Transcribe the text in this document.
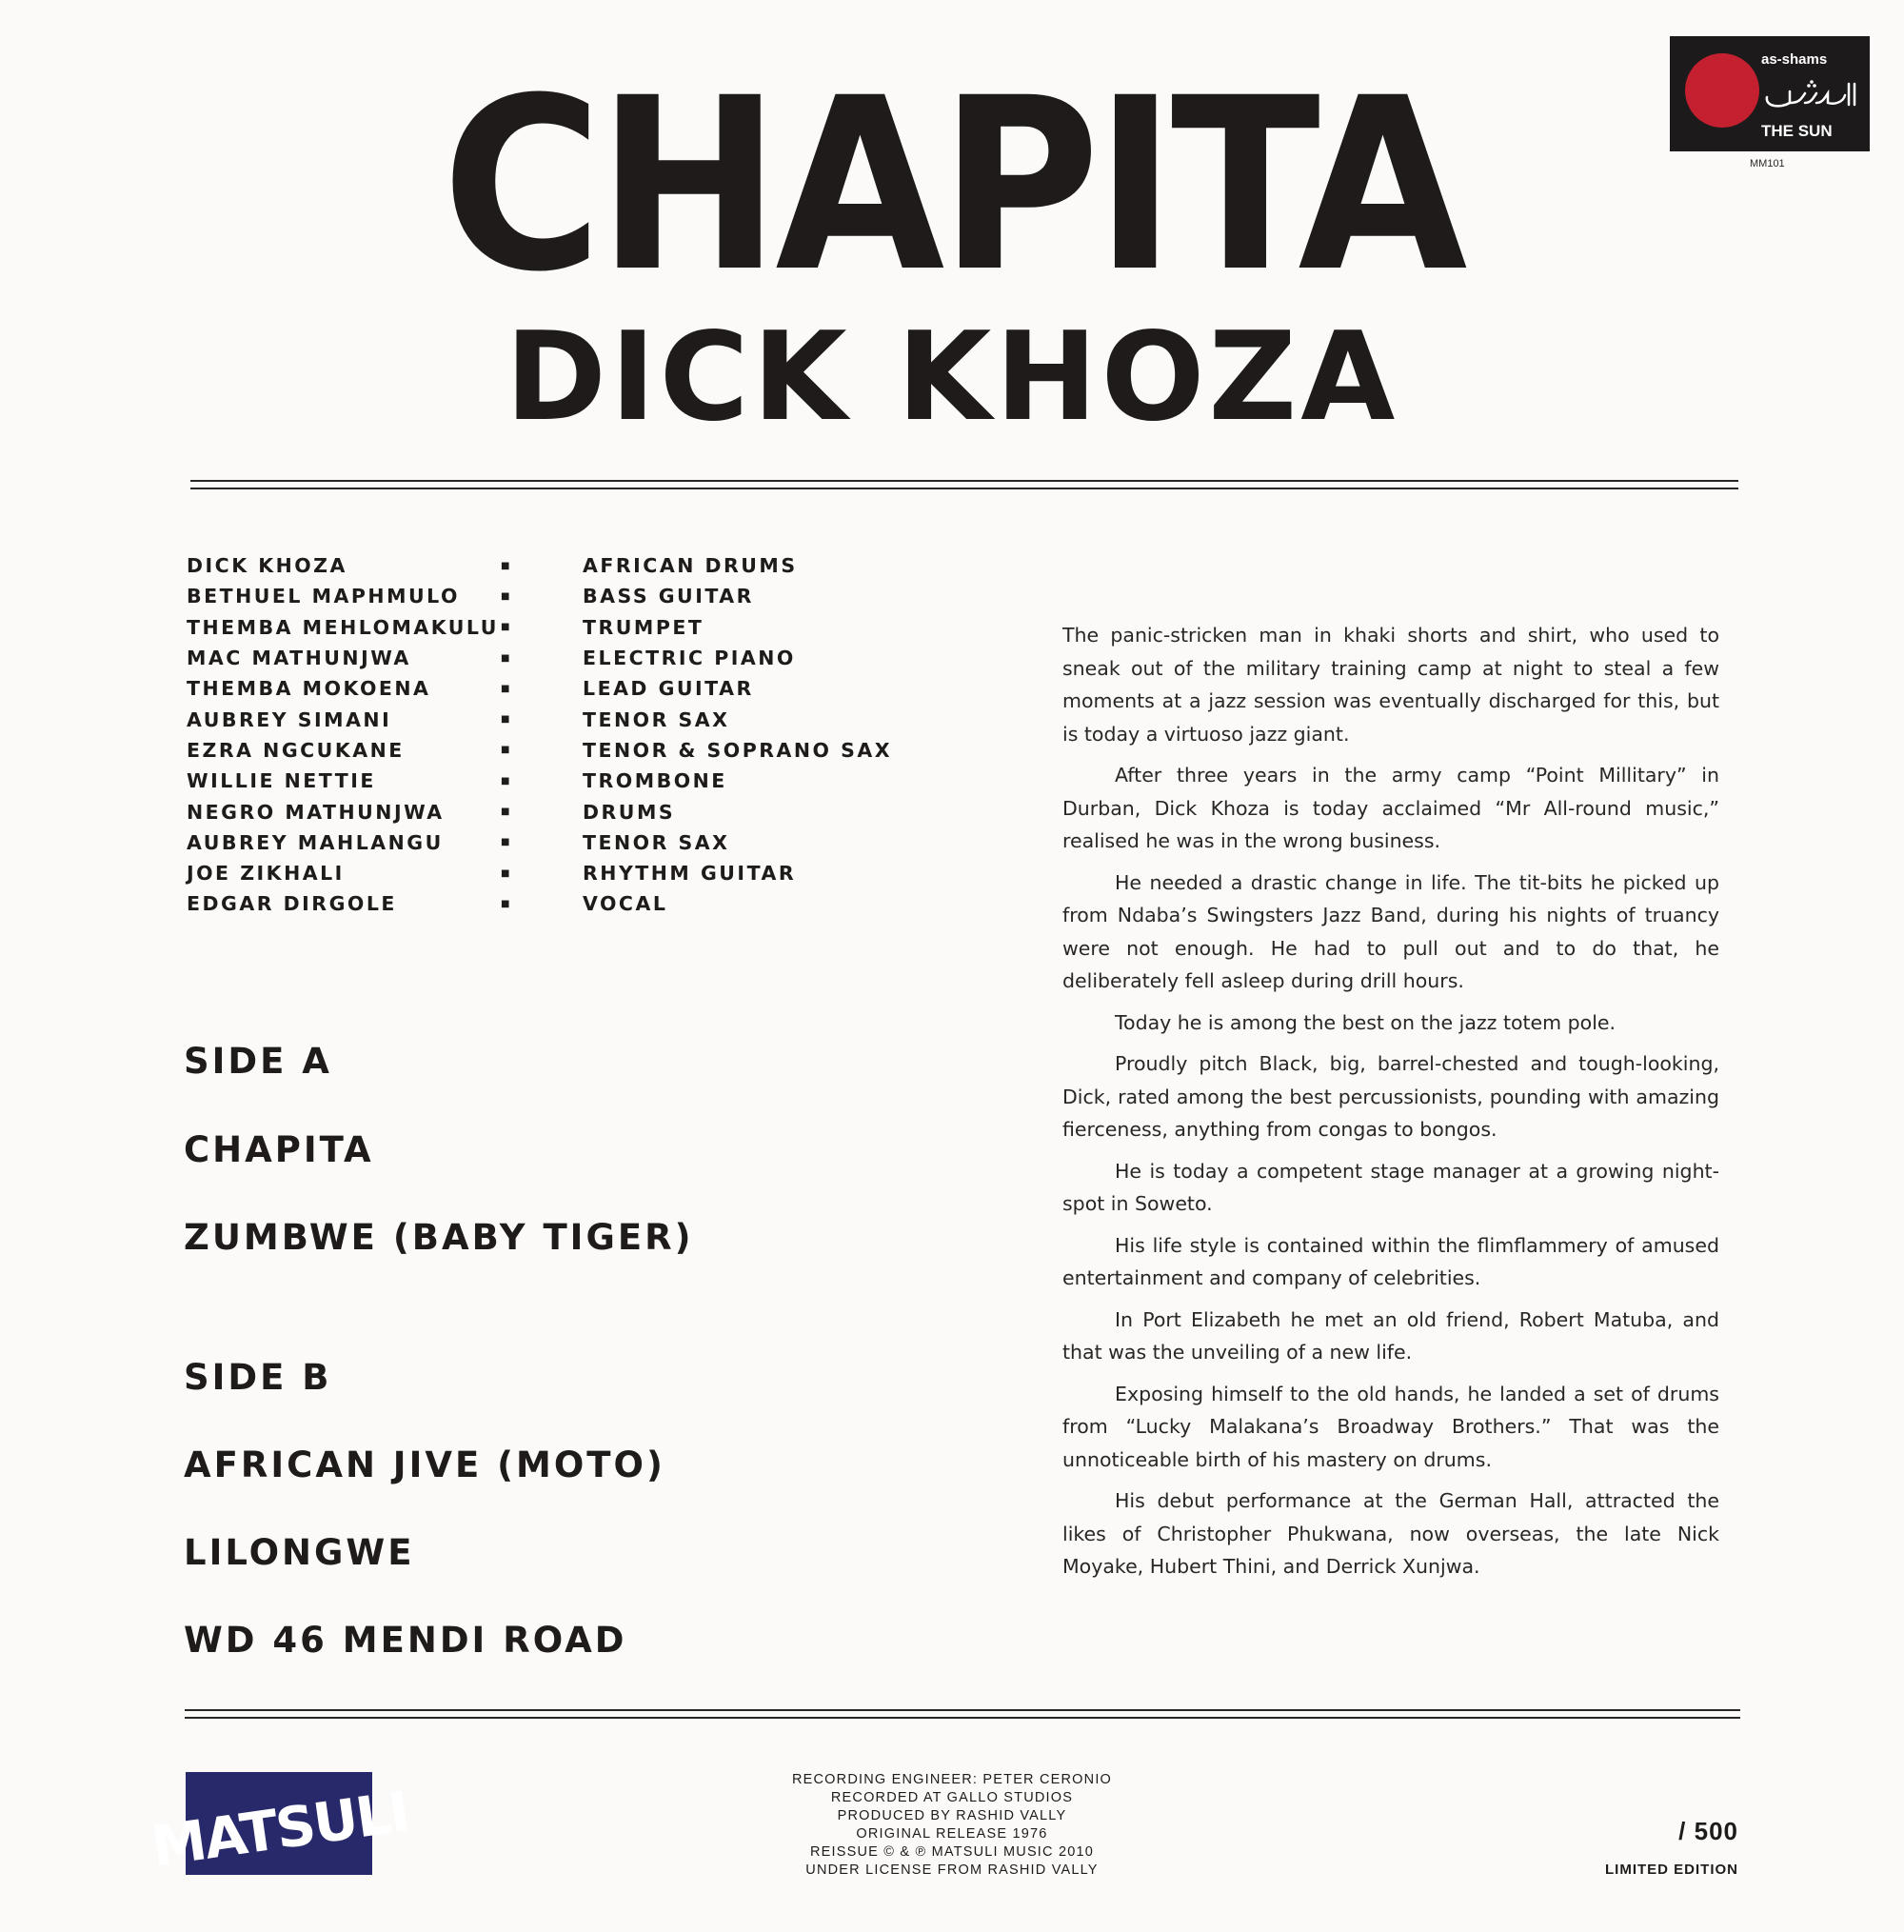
CHAPITA
DICK KHOZA
as-shams
THE SUN
MM101
DICK KHOZA	■	AFRICAN DRUMS
BETHUEL MAPHMULO	■	BASS GUITAR
THEMBA MEHLOMAKULU	■	TRUMPET
MAC MATHUNJWA	■	ELECTRIC PIANO
THEMBA MOKOENA	■	LEAD GUITAR
AUBREY SIMANI	■	TENOR SAX
EZRA NGCUKANE	■	TENOR & SOPRANO SAX
WILLIE NETTIE	■	TROMBONE
NEGRO MATHUNJWA	■	DRUMS
AUBREY MAHLANGU	■	TENOR SAX
JOE ZIKHALI	■	RHYTHM GUITAR
EDGAR DIRGOLE	■	VOCAL
SIDE A
CHAPITA
ZUMBWE (BABY TIGER)
SIDE B
AFRICAN JIVE (MOTO)
LILONGWE
WD 46 MENDI ROAD

The panic-stricken man in khaki shorts and shirt, who used to sneak out of the military training camp at night to steal a few moments at a jazz session was eventually discharged for this, but is today a virtuoso jazz giant.

After three years in the army camp “Point Millitary” in Durban, Dick Khoza is today acclaimed “Mr All-round music,” realised he was in the wrong business.

He needed a drastic change in life. The tit-bits he picked up from Ndaba’s Swingsters Jazz Band, during his nights of truancy were not enough. He had to pull out and to do that, he deliberately fell asleep during drill hours.

Today he is among the best on the jazz totem pole.

Proudly pitch Black, big, barrel-chested and tough-looking, Dick, rated among the best percussionists, pounding with amazing fierceness, anything from congas to bongos.

He is today a competent stage manager at a growing night-spot in Soweto.

His life style is contained within the flimflammery of amused entertainment and company of celebrities.

In Port Elizabeth he met an old friend, Robert Matuba, and that was the unveiling of a new life.

Exposing himself to the old hands, he landed a set of drums from “Lucky Malakana’s Broadway Brothers.” That was the unnoticeable birth of his mastery on drums.

His debut performance at the German Hall, attracted the likes of Christopher Phukwana, now overseas, the late Nick Moyake, Hubert Thini, and Derrick Xunjwa.

MATSULI	RECORDING ENGINEER: PETER CERONIO
RECORDED AT GALLO STUDIOS
PRODUCED BY RASHID VALLY
ORIGINAL RELEASE 1976
REISSUE © & ℗ MATSULI MUSIC 2010
UNDER LICENSE FROM RASHID VALLY
/ 500
LIMITED EDITION
